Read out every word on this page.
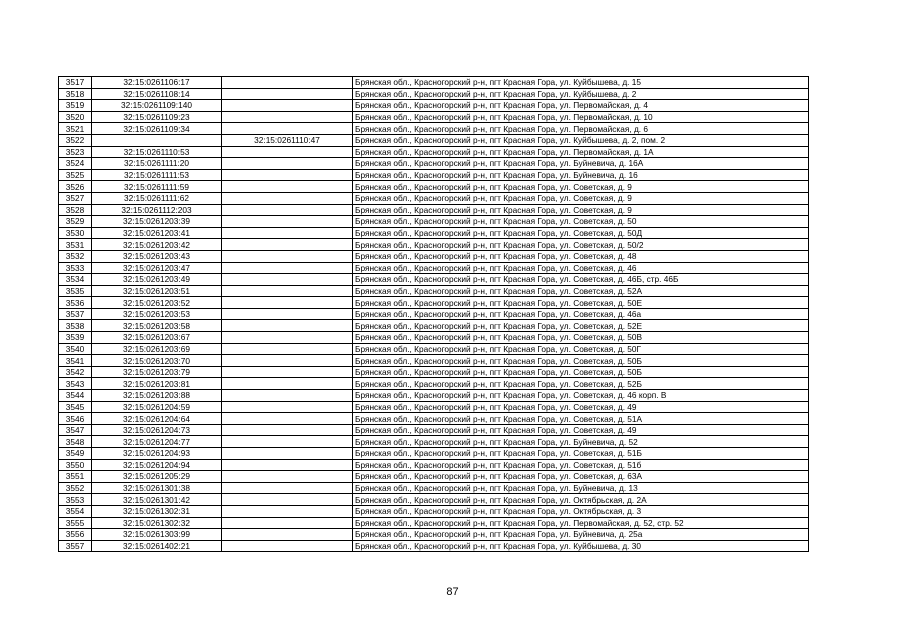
3517	32:15:0261106:17		Брянская обл., Красногорский р-н, пгт Красная Гора, ул. Куйбышева, д. 15
3518	32:15:0261108:14		Брянская обл., Красногорский р-н, пгт Красная Гора, ул. Куйбышева, д. 2
3519	32:15:0261109:140		Брянская обл., Красногорский р-н, пгт Красная Гора, ул. Первомайская, д. 4
3520	32:15:0261109:23		Брянская обл., Красногорский р-н, пгт Красная Гора, ул. Первомайская, д. 10
3521	32:15:0261109:34		Брянская обл., Красногорский р-н, пгт Красная Гора, ул. Первомайская, д. 6
3522		32:15:0261110:47	Брянская обл., Красногорский р-н, пгт Красная Гора, ул. Куйбышева, д. 2, пом. 2
3523	32:15:0261110:53		Брянская обл., Красногорский р-н, пгт Красная Гора, ул. Первомайская, д. 1А
3524	32:15:0261111:20		Брянская обл., Красногорский р-н, пгт Красная Гора, ул. Буйневича, д. 16А
3525	32:15:0261111:53		Брянская обл., Красногорский р-н, пгт Красная Гора, ул. Буйневича, д. 16
3526	32:15:0261111:59		Брянская обл., Красногорский р-н, пгт Красная Гора, ул. Советская, д. 9
3527	32:15:0261111:62		Брянская обл., Красногорский р-н, пгт Красная Гора, ул. Советская, д. 9
3528	32:15:0261112:203		Брянская обл., Красногорский р-н, пгт Красная Гора, ул. Советская, д. 9
3529	32:15:0261203:39		Брянская обл., Красногорский р-н, пгт Красная Гора, ул. Советская, д. 50
3530	32:15:0261203:41		Брянская обл., Красногорский р-н, пгт Красная Гора, ул. Советская, д. 50Д
3531	32:15:0261203:42		Брянская обл., Красногорский р-н, пгт Красная Гора, ул. Советская, д. 50/2
3532	32:15:0261203:43		Брянская обл., Красногорский р-н, пгт Красная Гора, ул. Советская, д. 48
3533	32:15:0261203:47		Брянская обл., Красногорский р-н, пгт Красная Гора, ул. Советская, д. 46
3534	32:15:0261203:49		Брянская обл., Красногорский р-н, пгт Красная Гора, ул. Советская, д. 46Б, стр. 46Б
3535	32:15:0261203:51		Брянская обл., Красногорский р-н, пгт Красная Гора, ул. Советская, д. 52А
3536	32:15:0261203:52		Брянская обл., Красногорский р-н, пгт Красная Гора, ул. Советская, д. 50Е
3537	32:15:0261203:53		Брянская обл., Красногорский р-н, пгт Красная Гора, ул. Советская, д. 46а
3538	32:15:0261203:58		Брянская обл., Красногорский р-н, пгт Красная Гора, ул. Советская, д. 52Е
3539	32:15:0261203:67		Брянская обл., Красногорский р-н, пгт Красная Гора, ул. Советская, д. 50В
3540	32:15:0261203:69		Брянская обл., Красногорский р-н, пгт Красная Гора, ул. Советская, д. 50Г
3541	32:15:0261203:70		Брянская обл., Красногорский р-н, пгт Красная Гора, ул. Советская, д. 50Б
3542	32:15:0261203:79		Брянская обл., Красногорский р-н, пгт Красная Гора, ул. Советская, д. 50Б
3543	32:15:0261203:81		Брянская обл., Красногорский р-н, пгт Красная Гора, ул. Советская, д. 52Б
3544	32:15:0261203:88		Брянская обл., Красногорский р-н, пгт Красная Гора, ул. Советская, д. 46 корп. В
3545	32:15:0261204:59		Брянская обл., Красногорский р-н, пгт Красная Гора, ул. Советская, д. 49
3546	32:15:0261204:64		Брянская обл., Красногорский р-н, пгт Красная Гора, ул. Советская, д. 51А
3547	32:15:0261204:73		Брянская обл., Красногорский р-н, пгт Красная Гора, ул. Советская, д. 49
3548	32:15:0261204:77		Брянская обл., Красногорский р-н, пгт Красная Гора, ул. Буйневича, д. 52
3549	32:15:0261204:93		Брянская обл., Красногорский р-н, пгт Красная Гора, ул. Советская, д. 51Б
3550	32:15:0261204:94		Брянская обл., Красногорский р-н, пгт Красная Гора, ул. Советская, д. 51б
3551	32:15:0261205:29		Брянская обл., Красногорский р-н, пгт Красная Гора, ул. Советская, д. 63А
3552	32:15:0261301:38		Брянская обл., Красногорский р-н, пгт Красная Гора, ул. Буйневича, д. 13
3553	32:15:0261301:42		Брянская обл., Красногорский р-н, пгт Красная Гора, ул. Октябрьская, д. 2А
3554	32:15:0261302:31		Брянская обл., Красногорский р-н, пгт Красная Гора, ул. Октябрьская, д. 3
3555	32:15:0261302:32		Брянская обл., Красногорский р-н, пгт Красная Гора, ул. Первомайская, д. 52, стр. 52
3556	32:15:0261303:99		Брянская обл., Красногорский р-н, пгт Красная Гора, ул. Буйневича, д. 25а
3557	32:15:0261402:21		Брянская обл., Красногорский р-н, пгт Красная Гора, ул. Куйбышева, д. 30
87
